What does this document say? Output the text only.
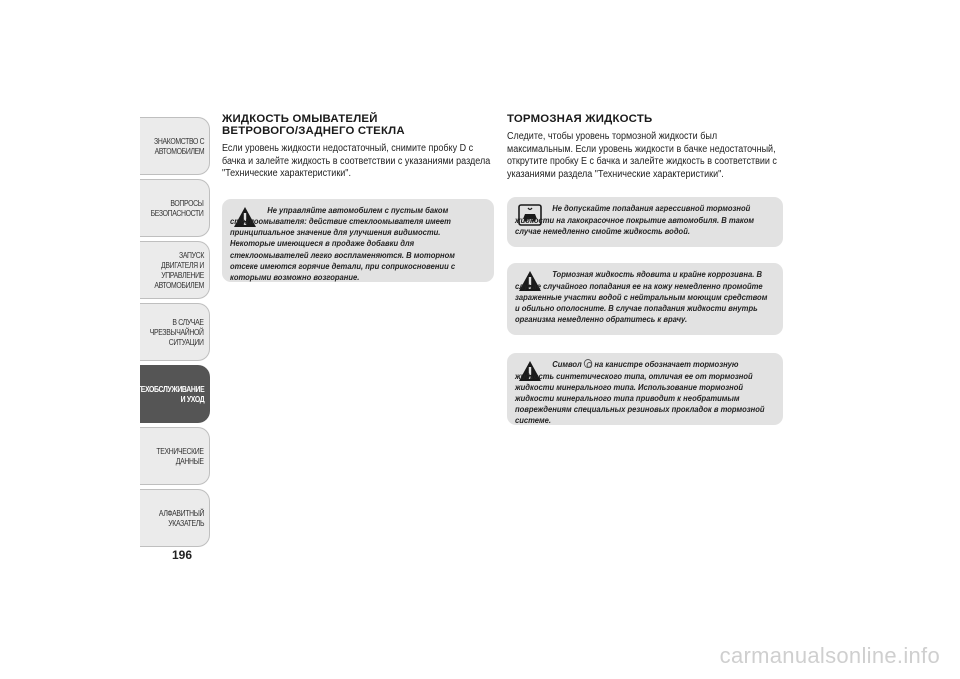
ЗНАКОМСТВО С
АВТОМОБИЛЕМ
ВОПРОСЫ
БЕЗОПАСНОСТИ
ЗАПУСК ДВИГАТЕЛЯ И
УПРАВЛЕНИЕ
АВТОМОБИЛЕМ
В СЛУЧАЕ
ЧРЕЗВЫЧАЙНОЙ
СИТУАЦИИ
ТЕХОБСЛУЖИВАНИЕ
И УХОД
ТЕХНИЧЕСКИЕ
ДАННЫЕ
АЛФАВИТНЫЙ
УКАЗАТЕЛЬ
196
ЖИДКОСТЬ ОМЫВАТЕЛЕЙ
ВЕТРОВОГО/ЗАДНЕГО СТЕКЛА

Если уровень жидкости недостаточный, снимите пробку D с бачка и залейте жидкость в соответствии с указаниями раздела "Технические характеристики".

Не управляйте автомобилем с пустым баком стеклоомывателя: действие стеклоомывателя имеет принципиальное значение для улучшения видимости. Некоторые имеющиеся в продаже добавки для стеклоомывателей легко воспламеняются. В моторном отсеке имеются горячие детали, при соприкосновении с которыми возможно возгорание.

ТОРМОЗНАЯ ЖИДКОСТЬ

Следите, чтобы уровень тормозной жидкости был максимальным. Если уровень жидкости в бачке недостаточный, открутите пробку E с бачка и залейте жидкость в соответствии с указаниями раздела "Технические характеристики".

Не допускайте попадания агрессивной тормозной жидкости на лакокрасочное покрытие автомобиля. В таком случае немедленно смойте жидкость водой.

Тормозная жидкость ядовита и крайне коррозивна. В случае случайного попадания ее на кожу немедленно промойте зараженные участки водой с нейтральным моющим средством и обильно ополосните. В случае попадания жидкости внутрь организма немедленно обратитесь к врачу.

Символ на канистре обозначает тормозную жидкость синтетического типа, отличая ее от тормозной жидкости минерального типа. Использование тормозной жидкости минерального типа приводит к необратимым повреждениям специальных резиновых прокладок в тормозной системе.

carmanualsonline.info
